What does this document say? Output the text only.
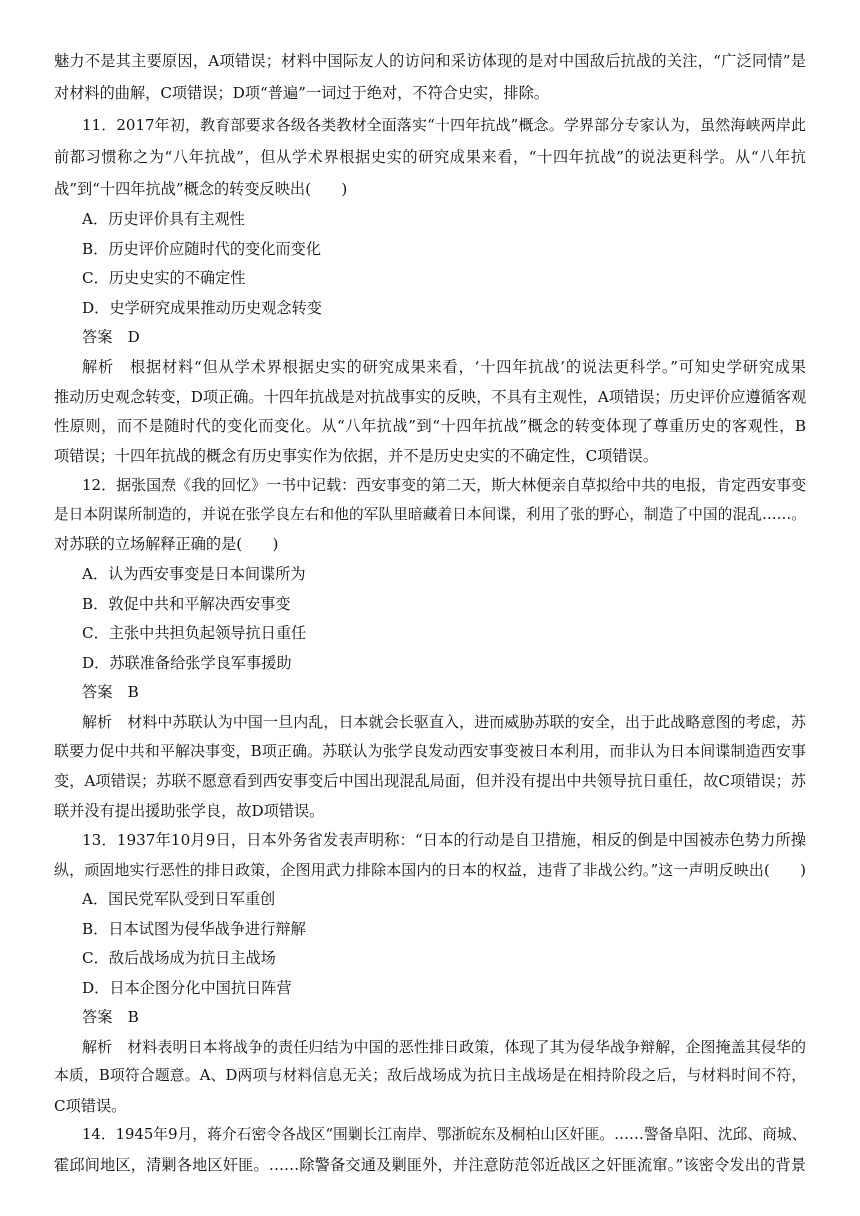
魅力不是其主要原因，A项错误；材料中国际友人的访问和采访体现的是对中国敌后抗战的关注，“广泛同情”是
对材料的曲解，C项错误；D项“普遍”一词过于绝对，不符合史实，排除。
11．2017年初，教育部要求各级各类教材全面落实“十四年抗战”概念。学界部分专家认为，虽然海峡两岸此
前都习惯称之为“八年抗战”，但从学术界根据史实的研究成果来看，“十四年抗战”的说法更科学。从“八年抗
战”到“十四年抗战”概念的转变反映出(　　)
A．历史评价具有主观性
B．历史评价应随时代的变化而变化
C．历史史实的不确定性
D．史学研究成果推动历史观念转变
答案　D
解析　根据材料“但从学术界根据史实的研究成果来看，‘十四年抗战’的说法更科学。”可知史学研究成果
推动历史观念转变，D项正确。十四年抗战是对抗战事实的反映，不具有主观性，A项错误；历史评价应遵循客观
性原则，而不是随时代的变化而变化。从“八年抗战”到“十四年抗战”概念的转变体现了尊重历史的客观性，B
项错误；十四年抗战的概念有历史事实作为依据，并不是历史史实的不确定性，C项错误。
12．据张国焘《我的回忆》一书中记载：西安事变的第二天，斯大林便亲自草拟给中共的电报，肯定西安事变
是日本阴谋所制造的，并说在张学良左右和他的军队里暗藏着日本间谍，利用了张的野心，制造了中国的混乱……。
对苏联的立场解释正确的是(　　)
A．认为西安事变是日本间谍所为
B．敦促中共和平解决西安事变
C．主张中共担负起领导抗日重任
D．苏联准备给张学良军事援助
答案　B
解析　材料中苏联认为中国一旦内乱，日本就会长驱直入，进而威胁苏联的安全，出于此战略意图的考虑，苏
联要力促中共和平解决事变，B项正确。苏联认为张学良发动西安事变被日本利用，而非认为日本间谍制造西安事
变，A项错误；苏联不愿意看到西安事变后中国出现混乱局面，但并没有提出中共领导抗日重任，故C项错误；苏
联并没有提出援助张学良，故D项错误。
13．1937年10月9日，日本外务省发表声明称：“日本的行动是自卫措施，相反的倒是中国被赤色势力所操
纵，顽固地实行恶性的排日政策，企图用武力排除本国内的日本的权益，违背了非战公约。”这一声明反映出(　　)
A．国民党军队受到日军重创
B．日本试图为侵华战争进行辩解
C．敌后战场成为抗日主战场
D．日本企图分化中国抗日阵营
答案　B
解析　材料表明日本将战争的责任归结为中国的恶性排日政策，体现了其为侵华战争辩解，企图掩盖其侵华的
本质，B项符合题意。A、D两项与材料信息无关；敌后战场成为抗日主战场是在相持阶段之后，与材料时间不符，
C项错误。
14．1945年9月，蒋介石密令各战区“围剿长江南岸、鄂浙皖东及桐柏山区奸匪。……警备阜阳、沈邱、商城、
霍邱间地区，清剿各地区奸匪。……除警备交通及剿匪外，并注意防范邻近战区之奸匪流窜。”该密令发出的背景
